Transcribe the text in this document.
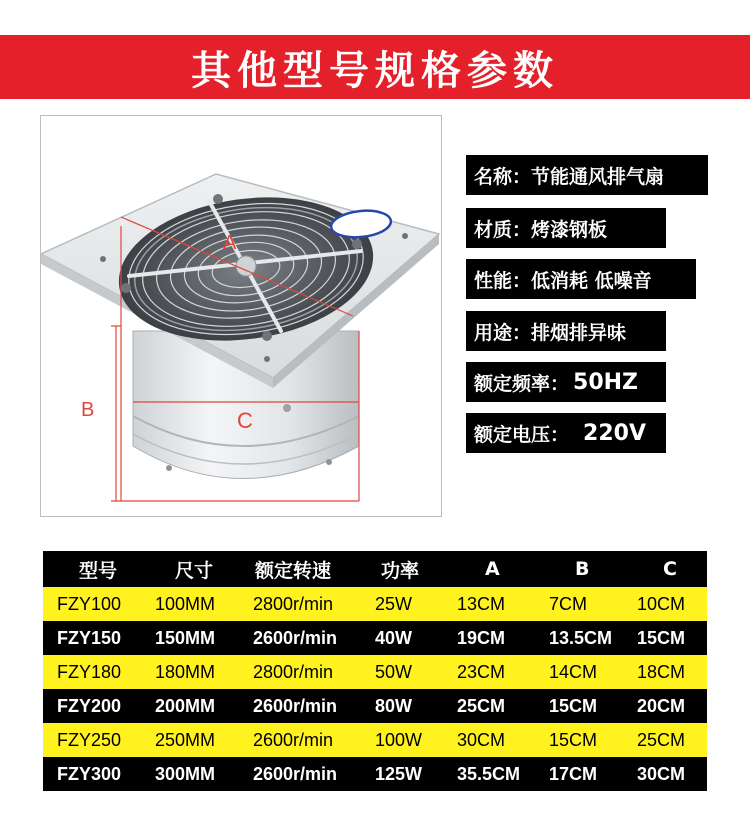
其他型号规格参数
A
B	C
名称： 节能通风排气扇
材质： 烤漆钢板
性能： 低消耗 低噪音
用途： 排烟排异味
额定频率： 50HZ
额定电压： 220V
型号	尺寸	额定转速	功率	A	B	C
FZY100	100MM	2800r/min	25W	13CM	7CM	10CM
FZY150	150MM	2600r/min	40W	19CM	13.5CM	15CM
FZY180	180MM	2800r/min	50W	23CM	14CM	18CM
FZY200	200MM	2600r/min	80W	25CM	15CM	20CM
FZY250	250MM	2600r/min	100W	30CM	15CM	25CM
FZY300	300MM	2600r/min	125W	35.5CM	17CM	30CM
